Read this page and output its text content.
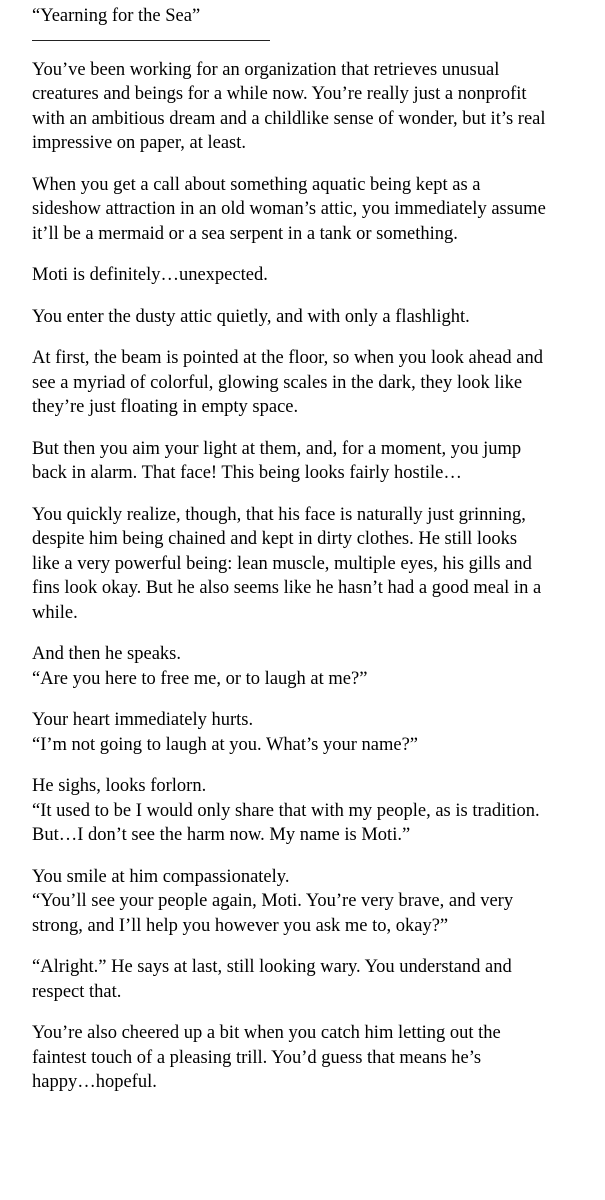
“Yearning for the Sea”
You’ve been working for an organization that retrieves unusual
creatures and beings for a while now. You’re really just a nonprofit
with an ambitious dream and a childlike sense of wonder, but it’s real
impressive on paper, at least.
When you get a call about something aquatic being kept as a
sideshow attraction in an old woman’s attic, you immediately assume
it’ll be a mermaid or a sea serpent in a tank or something.
Moti is definitely…unexpected.
You enter the dusty attic quietly, and with only a flashlight.
At first, the beam is pointed at the floor, so when you look ahead and
see a myriad of colorful, glowing scales in the dark, they look like
they’re just floating in empty space.
But then you aim your light at them, and, for a moment, you jump
back in alarm. That face! This being looks fairly hostile…
You quickly realize, though, that his face is naturally just grinning,
despite him being chained and kept in dirty clothes. He still looks
like a very powerful being: lean muscle, multiple eyes, his gills and
fins look okay. But he also seems like he hasn’t had a good meal in a
while.
And then he speaks.
“Are you here to free me, or to laugh at me?”
Your heart immediately hurts.
“I’m not going to laugh at you. What’s your name?”
He sighs, looks forlorn.
“It used to be I would only share that with my people, as is tradition.
But…I don’t see the harm now. My name is Moti.”
You smile at him compassionately.
“You’ll see your people again, Moti. You’re very brave, and very
strong, and I’ll help you however you ask me to, okay?”
“Alright.” He says at last, still looking wary. You understand and
respect that.
You’re also cheered up a bit when you catch him letting out the
faintest touch of a pleasing trill. You’d guess that means he’s
happy…hopeful.
